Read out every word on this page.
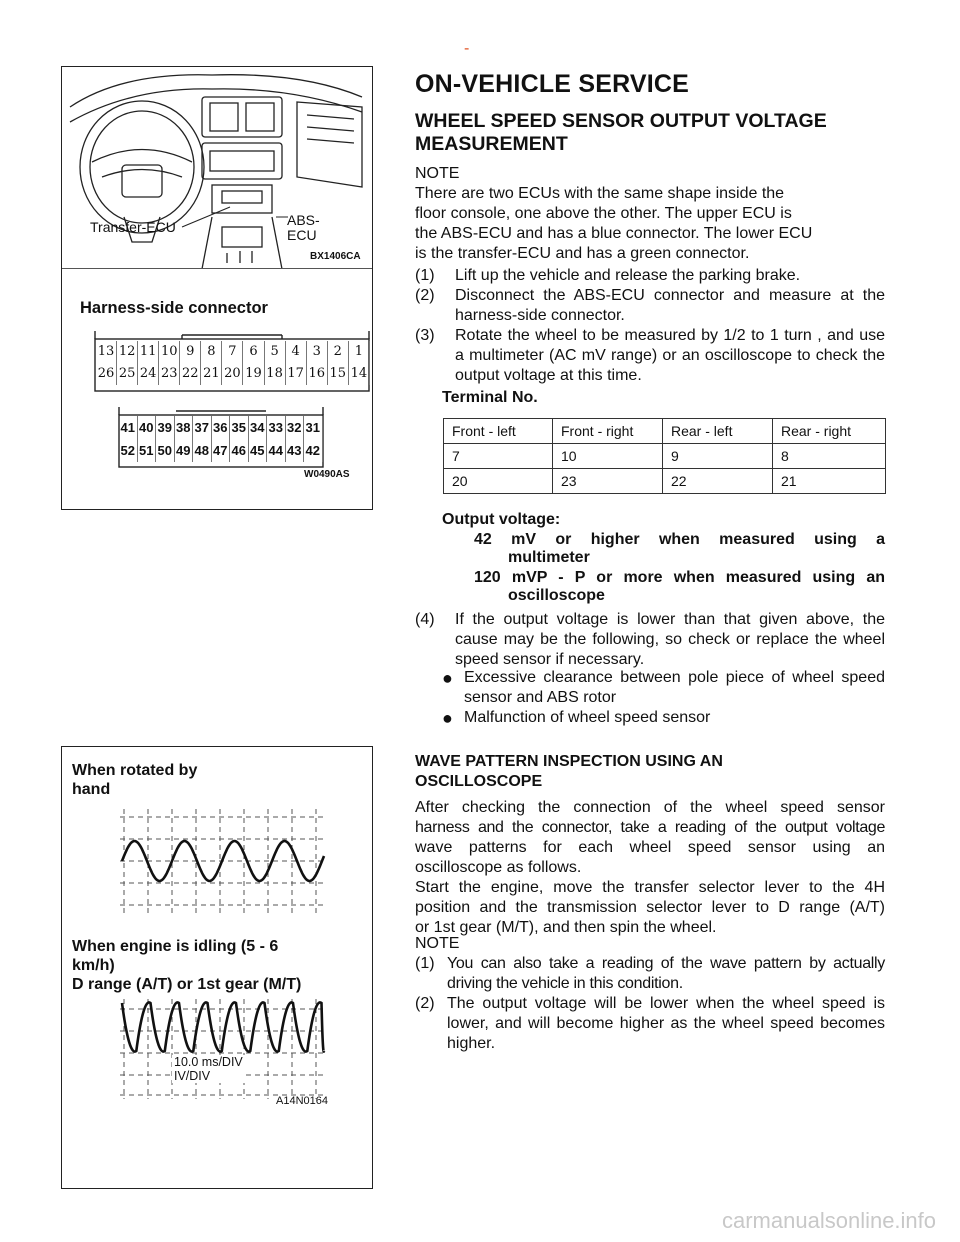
-
Transfer-ECU	ABS-
ECU
BX1406CA
Harness-side connector
13 12 11 10 9 8 7 6 5 4 3 2 1
26 25 24 23 22 21 20 19 18 17 16 15 14
41 40 39 38 37 36 35 34 33 32 31
52 51 50 49 48 47 46 45 44 43 42
W0490AS
ON-VEHICLE SERVICE
WHEEL SPEED SENSOR OUTPUT VOLTAGE
MEASUREMENT
NOTE
There are two ECUs with the same shape inside the
floor console, one above the other. The upper ECU is
the ABS-ECU and has a blue connector. The lower ECU
is the transfer-ECU and has a green connector.
(1) Lift up the vehicle and release the parking brake.
(2) Disconnect the ABS-ECU connector and measure at the harness-side connector.
(3) Rotate the wheel to be measured by 1/2 to 1 turn , and use a multimeter (AC mV range) or an oscilloscope to check the output voltage at this time.
Terminal No.
Front - left	Front - right	Rear - left	Rear - right
7	10	9	8
20	23	22	21
Output voltage:
42 mV or higher when measured using a
multimeter
120 mVP - P or more when measured using an
oscilloscope
(4) If the output voltage is lower than that given above, the cause may be the following, so check or replace the wheel speed sensor if necessary.
● Excessive clearance between pole piece of wheel speed sensor and ABS rotor
● Malfunction of wheel speed sensor
When rotated by
hand
When engine is idling (5 - 6
km/h)
D range (A/T) or 1st gear (M/T)
10.0 ms/DIV
IV/DIV
A14N0164
WAVE PATTERN INSPECTION USING AN
OSCILLOSCOPE
After checking the connection of the wheel speed sensor
harness and the connector, take a reading of the output voltage
wave patterns for each wheel speed sensor using an
oscilloscope as follows.
Start the engine, move the transfer selector lever to the 4H
position and the transmission selector lever to D range (A/T)
or 1st gear (M/T), and then spin the wheel.
NOTE
(1) You can also take a reading of the wave pattern by actually driving the vehicle in this condition.
(2) The output voltage will be lower when the wheel speed is lower, and will become higher as the wheel speed becomes higher.
carmanualsonline.info
